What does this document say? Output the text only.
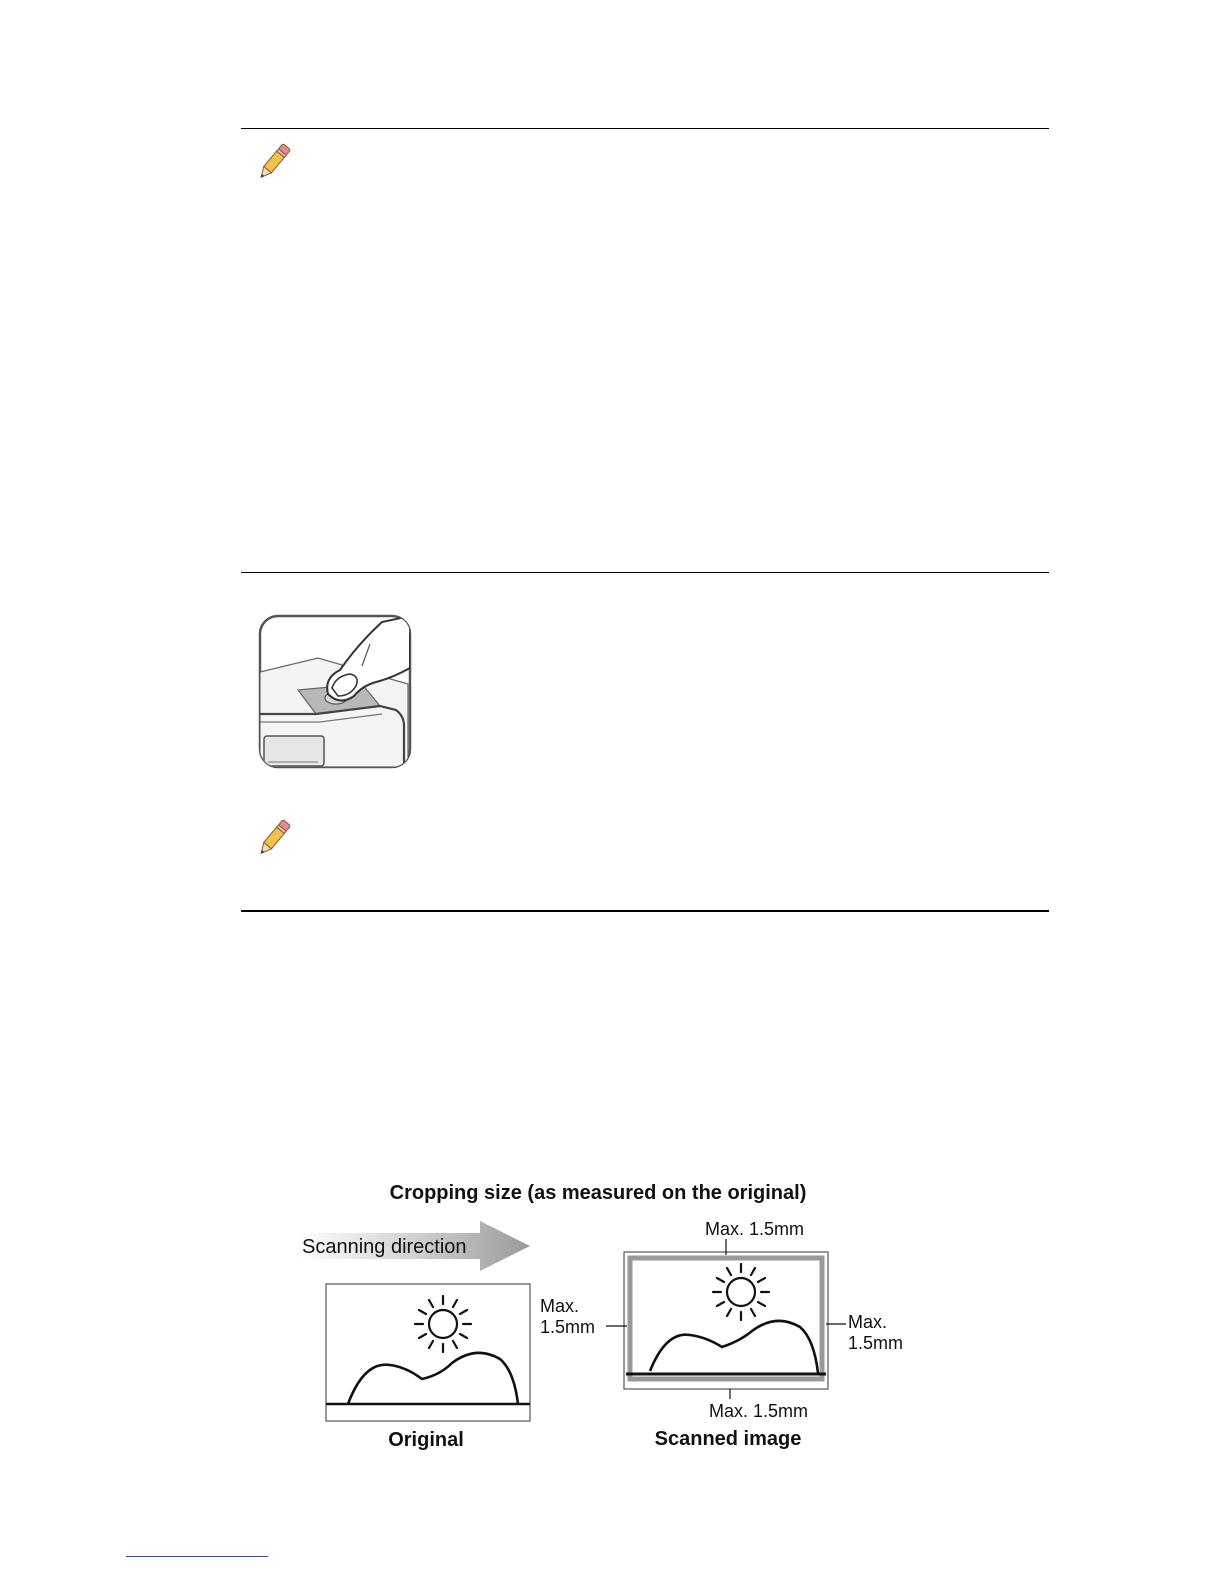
Cropping size (as measured on the original)
Scanning direction
Original	Scanned image
Max. 1.5mm
Max.
1.5mm	Max.
1.5mm
Max. 1.5mm
